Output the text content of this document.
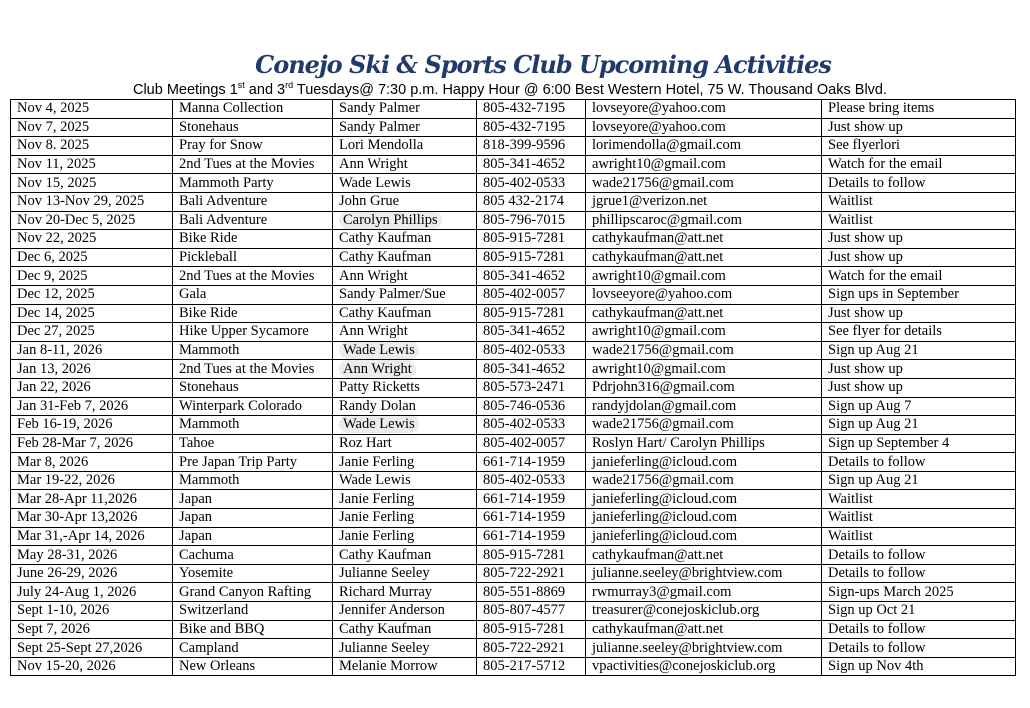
Conejo Ski & Sports Club Upcoming Activities
Club Meetings 1st and 3rd Tuesdays@ 7:30 p.m. Happy Hour @ 6:00 Best Western Hotel, 75 W. Thousand Oaks Blvd.
Nov 4, 2025	Manna Collection	Sandy Palmer	805-432-7195	lovseyore@yahoo.com	Please bring items
Nov 7, 2025	Stonehaus	Sandy Palmer	805-432-7195	lovseyore@yahoo.com	Just show up
Nov 8. 2025	Pray for Snow	Lori Mendolla	818-399-9596	lorimendolla@gmail.com	See flyerlori
Nov 11, 2025	2nd Tues at the Movies	Ann Wright	805-341-4652	awright10@gmail.com	Watch for the email
Nov 15, 2025	Mammoth Party	Wade Lewis	805-402-0533	wade21756@gmail.com	Details to follow
Nov 13-Nov 29, 2025	Bali Adventure	John Grue	805 432-2174	jgrue1@verizon.net	Waitlist
Nov 20-Dec 5, 2025	Bali Adventure	Carolyn Phillips	805-796-7015	phillipscaroc@gmail.com	Waitlist
Nov 22, 2025	Bike Ride	Cathy Kaufman	805-915-7281	cathykaufman@att.net	Just show up
Dec 6, 2025	Pickleball	Cathy Kaufman	805-915-7281	cathykaufman@att.net	Just show up
Dec 9, 2025	2nd Tues at the Movies	Ann Wright	805-341-4652	awright10@gmail.com	Watch for the email
Dec 12, 2025	Gala	Sandy Palmer/Sue	805-402-0057	lovseeyore@yahoo.com	Sign ups in September
Dec 14, 2025	Bike Ride	Cathy Kaufman	805-915-7281	cathykaufman@att.net	Just show up
Dec 27, 2025	Hike Upper Sycamore	Ann Wright	805-341-4652	awright10@gmail.com	See flyer for details
Jan 8-11, 2026	Mammoth	Wade Lewis	805-402-0533	wade21756@gmail.com	Sign up Aug 21
Jan 13, 2026	2nd Tues at the Movies	Ann Wright	805-341-4652	awright10@gmail.com	Just show up
Jan 22, 2026	Stonehaus	Patty Ricketts	805-573-2471	Pdrjohn316@gmail.com	Just show up
Jan 31-Feb 7, 2026	Winterpark Colorado	Randy Dolan	805-746-0536	randyjdolan@gmail.com	Sign up Aug 7
Feb 16-19, 2026	Mammoth	Wade Lewis	805-402-0533	wade21756@gmail.com	Sign up Aug 21
Feb 28-Mar 7, 2026	Tahoe	Roz Hart	805-402-0057	Roslyn Hart/ Carolyn Phillips	Sign up September 4
Mar 8, 2026	Pre Japan Trip Party	Janie Ferling	661-714-1959	janieferling@icloud.com	Details to follow
Mar 19-22, 2026	Mammoth	Wade Lewis	805-402-0533	wade21756@gmail.com	Sign up Aug 21
Mar 28-Apr 11,2026	Japan	Janie Ferling	661-714-1959	janieferling@icloud.com	Waitlist
Mar 30-Apr 13,2026	Japan	Janie Ferling	661-714-1959	janieferling@icloud.com	Waitlist
Mar 31,-Apr 14, 2026	Japan	Janie Ferling	661-714-1959	janieferling@icloud.com	Waitlist
May 28-31, 2026	Cachuma	Cathy Kaufman	805-915-7281	cathykaufman@att.net	Details to follow
June 26-29, 2026	Yosemite	Julianne Seeley	805-722-2921	julianne.seeley@brightview.com	Details to follow
July 24-Aug 1, 2026	Grand Canyon Rafting	Richard Murray	805-551-8869	rwmurray3@gmail.com	Sign-ups March 2025
Sept 1-10, 2026	Switzerland	Jennifer Anderson	805-807-4577	treasurer@conejoskiclub.org	Sign up Oct 21
Sept 7, 2026	Bike and BBQ	Cathy Kaufman	805-915-7281	cathykaufman@att.net	Details to follow
Sept 25-Sept 27,2026	Campland	Julianne Seeley	805-722-2921	julianne.seeley@brightview.com	Details to follow
Nov 15-20, 2026	New Orleans	Melanie Morrow	805-217-5712	vpactivities@conejoskiclub.org	Sign up Nov 4th
